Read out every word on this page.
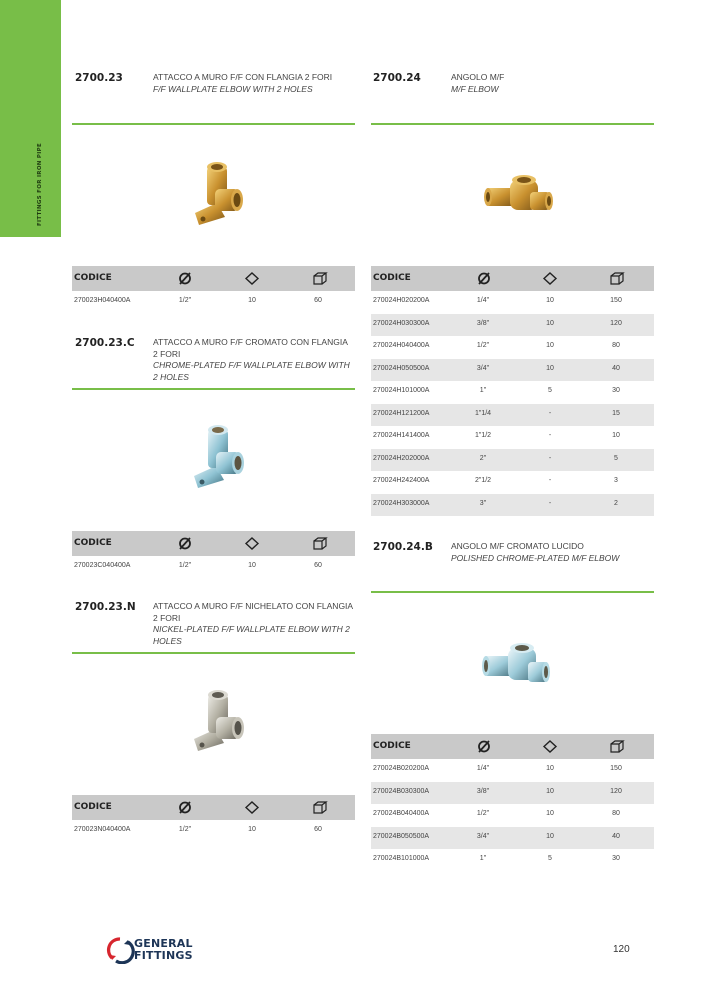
FITTINGS FOR IRON PIPE
2700.23	ATTACCO A MURO F/F CON FLANGIA 2 FORI
F/F WALLPLATE ELBOW WITH 2 HOLES
CODICE
270023H040400A	1/2"	10	60
2700.24	ANGOLO M/F
M/F ELBOW
CODICE
270024H020200A	1/4"	10	150
270024H030300A	3/8"	10	120
270024H040400A	1/2"	10	80
270024H050500A	3/4"	10	40
270024H101000A	1"	5	30
270024H121200A	1"1/4	-	15
270024H141400A	1"1/2	-	10
270024H202000A	2"	-	5
270024H242400A	2"1/2	-	3
270024H303000A	3"	-	2
2700.23.C ATTACCO A MURO F/F CROMATO CON FLANGIA 2 FORI
CHROME-PLATED F/F WALLPLATE ELBOW WITH 2 HOLES
CODICE
270023C040400A	1/2"	10	60
2700.24.B ANGOLO M/F CROMATO LUCIDO
POLISHED CHROME-PLATED M/F ELBOW
CODICE
270024B020200A	1/4"	10	150
270024B030300A	3/8"	10	120
270024B040400A	1/2"	10	80
270024B050500A	3/4"	10	40
270024B101000A	1"	5	30
2700.23.N ATTACCO A MURO F/F NICHELATO CON FLANGIA 2 FORI
NICKEL-PLATED F/F WALLPLATE ELBOW WITH 2 HOLES
CODICE
270023N040400A	1/2"	10	60
GENERAL
FITTINGS	120
